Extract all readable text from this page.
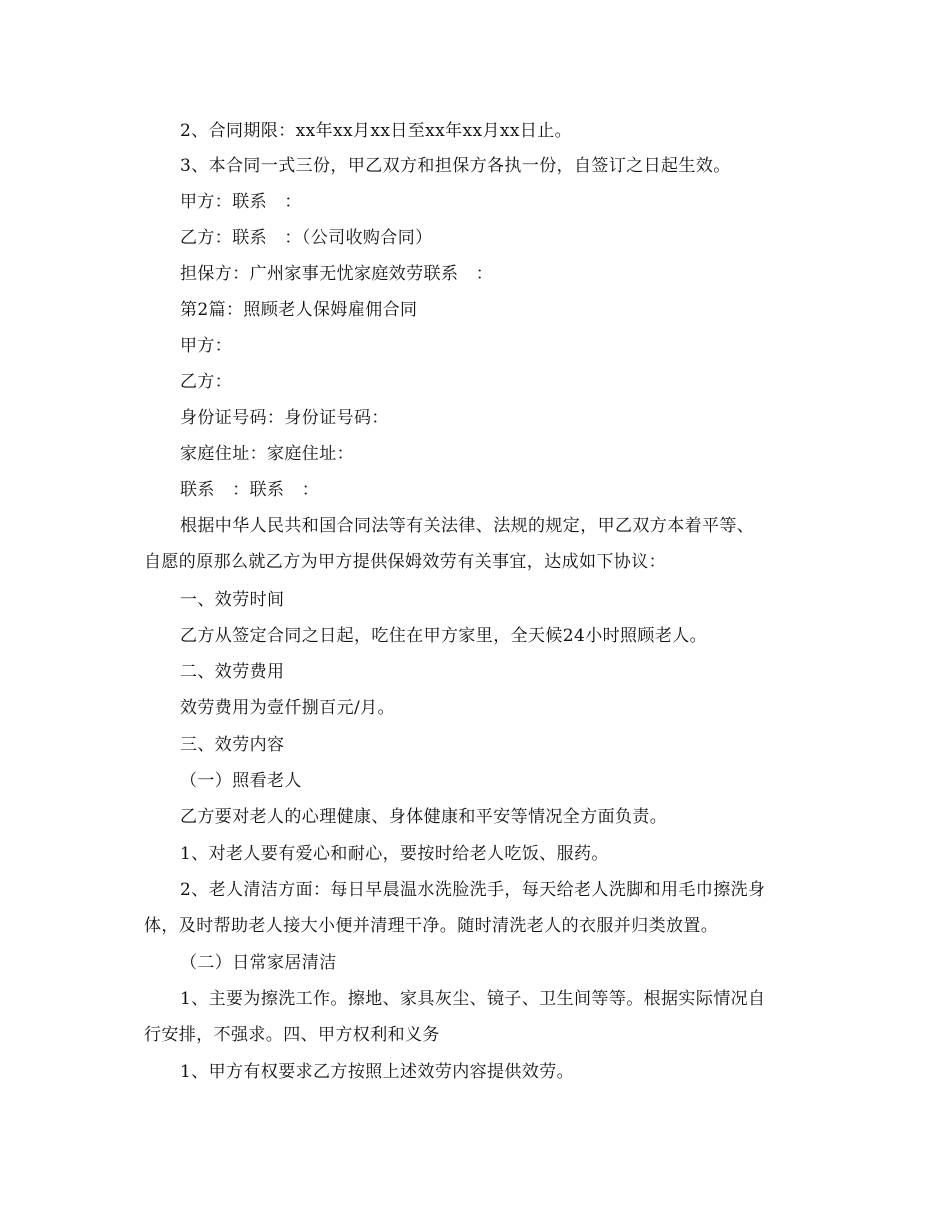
2、合同期限：xx年xx月xx日至xx年xx月xx日止。

3、本合同一式三份，甲乙双方和担保方各执一份，自签订之日起生效。

甲方：联系　：

乙方：联系　：（公司收购合同）

担保方：广州家事无忧家庭效劳联系　：

第2篇：照顾老人保姆雇佣合同

甲方：

乙方：

身份证号码：身份证号码：

家庭住址：家庭住址：

联系　：联系　：

根据中华人民共和国合同法等有关法律、法规的规定，甲乙双方本着平等、

自愿的原那么就乙方为甲方提供保姆效劳有关事宜，达成如下协议：

一、效劳时间

乙方从签定合同之日起，吃住在甲方家里，全天候24小时照顾老人。

二、效劳费用

效劳费用为壹仟捌百元/月。

三、效劳内容

（一）照看老人

乙方要对老人的心理健康、身体健康和平安等情况全方面负责。

1、对老人要有爱心和耐心，要按时给老人吃饭、服药。

2、老人清洁方面：每日早晨温水洗脸洗手，每天给老人洗脚和用毛巾擦洗身

体，及时帮助老人接大小便并清理干净。随时清洗老人的衣服并归类放置。

（二）日常家居清洁

1、主要为擦洗工作。擦地、家具灰尘、镜子、卫生间等等。根据实际情况自

行安排，不强求。四、甲方权利和义务

1、甲方有权要求乙方按照上述效劳内容提供效劳。
